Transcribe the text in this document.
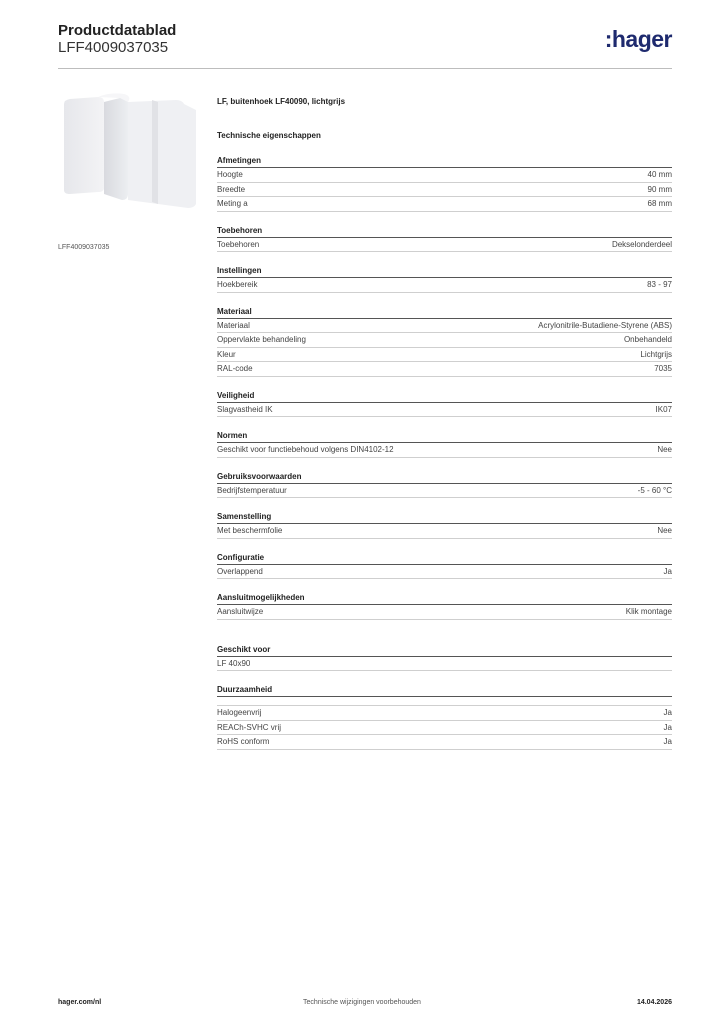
Productdatablad
LFF4009037035	:hager
LFF4009037035
LF, buitenhoek LF40090, lichtgrijs
Technische eigenschappen
Afmetingen
Hoogte	40 mm
Breedte	90 mm
Meting a	68 mm
Toebehoren
Toebehoren	Dekselonderdeel
Instellingen
Hoekbereik	83 - 97
Materiaal
Materiaal	Acrylonitrile-Butadiene-Styrene (ABS)
Oppervlakte behandeling	Onbehandeld
Kleur	Lichtgrijs
RAL-code	7035
Veiligheid
Slagvastheid IK	IK07
Normen
Geschikt voor functiebehoud volgens DIN4102-12	Nee
Gebruiksvoorwaarden
Bedrijfstemperatuur	-5 - 60 °C
Samenstelling
Met beschermfolie	Nee
Configuratie
Overlappend	Ja
Aansluitmogelijkheden
Aansluitwijze	Klik montage
Geschikt voor
LF 40x90
Duurzaamheid
Halogeenvrij	Ja
REACh-SVHC vrij	Ja
RoHS conform	Ja
hager.com/nl	Technische wijzigingen voorbehouden	14.04.2026
